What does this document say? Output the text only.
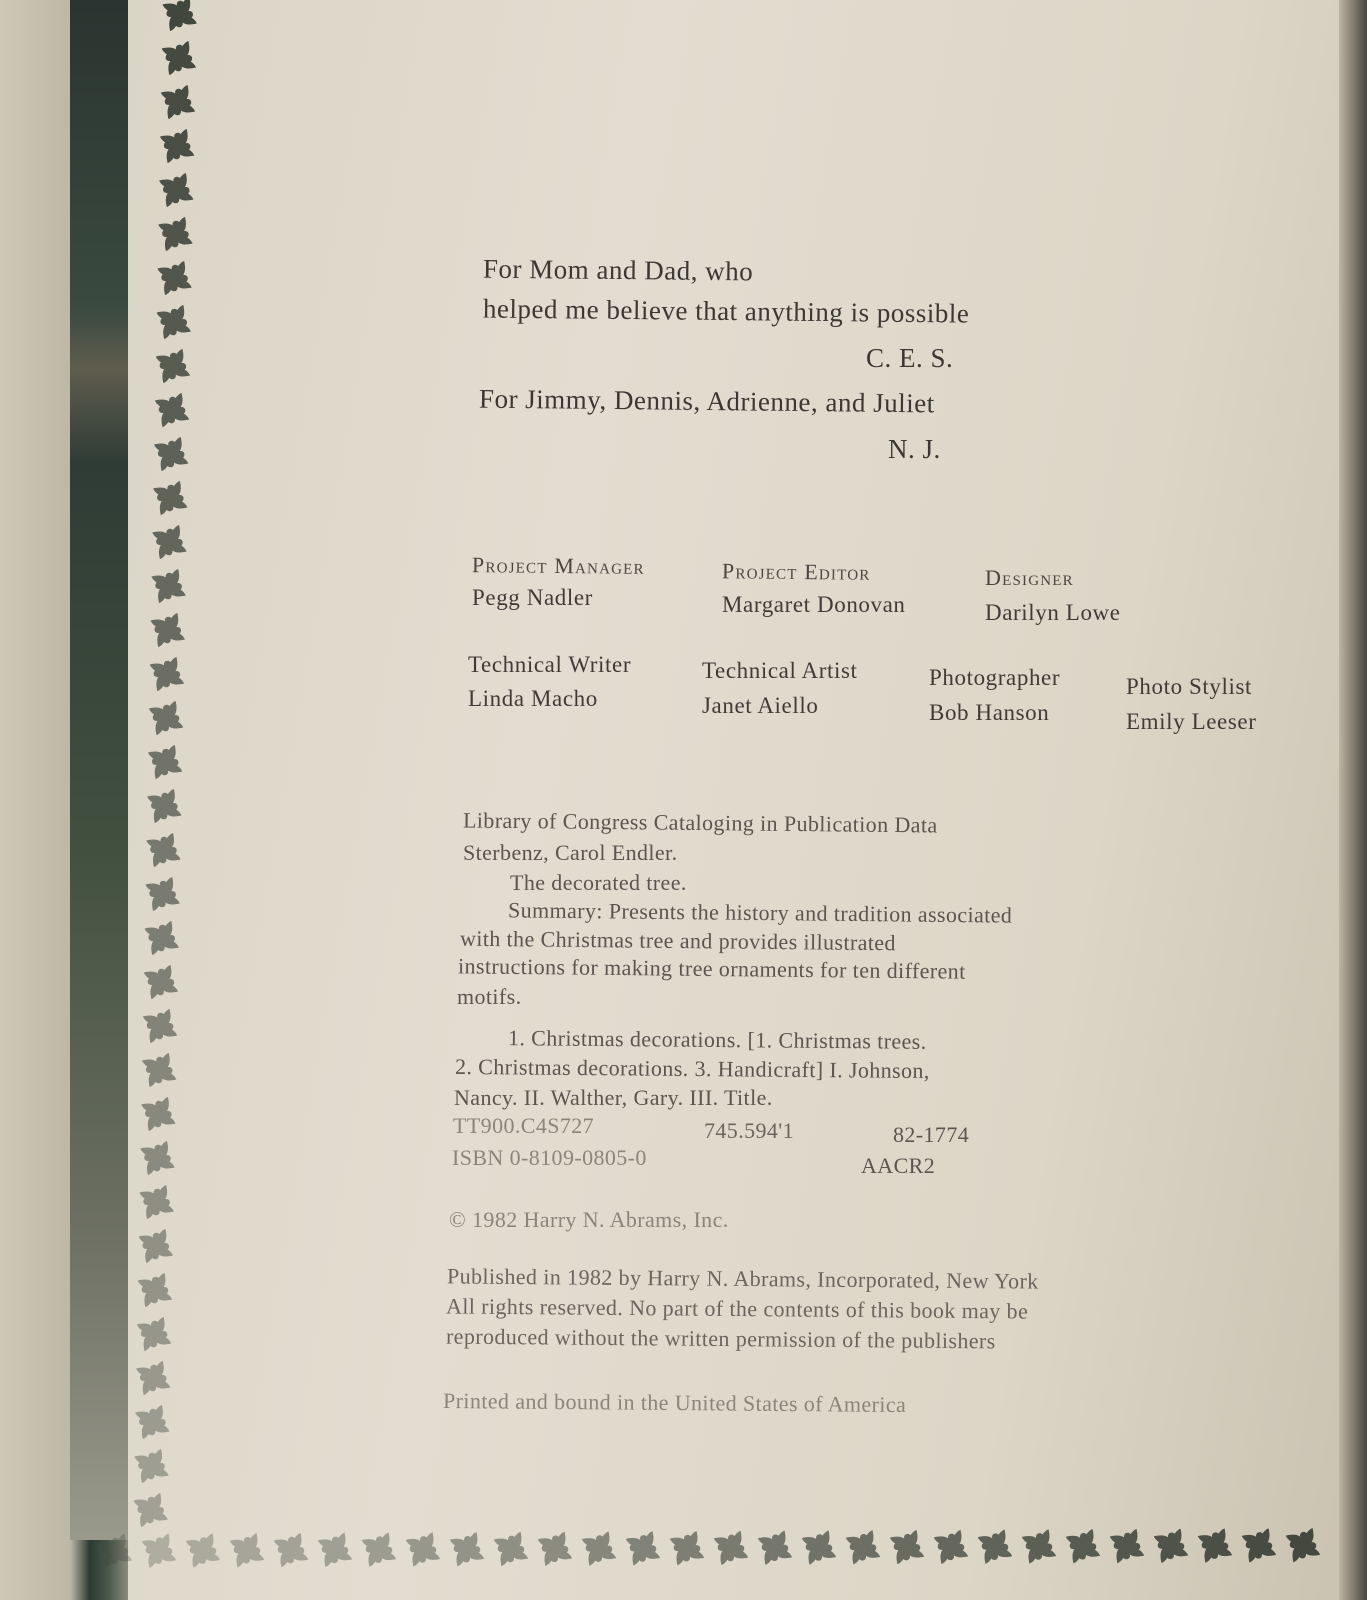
For Mom and Dad, who
helped me believe that anything is possible
C. E. S.
For Jimmy, Dennis, Adrienne, and Juliet
N. J.
Project Manager
Pegg Nadler
Project Editor
Margaret Donovan
Designer
Darilyn Lowe
Technical Writer
Linda Macho
Technical Artist
Janet Aiello
Photographer
Bob Hanson
Photo Stylist
Emily Leeser
Library of Congress Cataloging in Publication Data
Sterbenz, Carol Endler.
The decorated tree.
Summary: Presents the history and tradition associated
with the Christmas tree and provides illustrated
instructions for making tree ornaments for ten different
motifs.
1. Christmas decorations. [1. Christmas trees.
2. Christmas decorations. 3. Handicraft] I. Johnson,
Nancy. II. Walther, Gary. III. Title.
TT900.C4S727	745.594'1	82-1774
ISBN 0-8109-0805-0	AACR2
© 1982 Harry N. Abrams, Inc.
Published in 1982 by Harry N. Abrams, Incorporated, New York
All rights reserved. No part of the contents of this book may be
reproduced without the written permission of the publishers
Printed and bound in the United States of America
